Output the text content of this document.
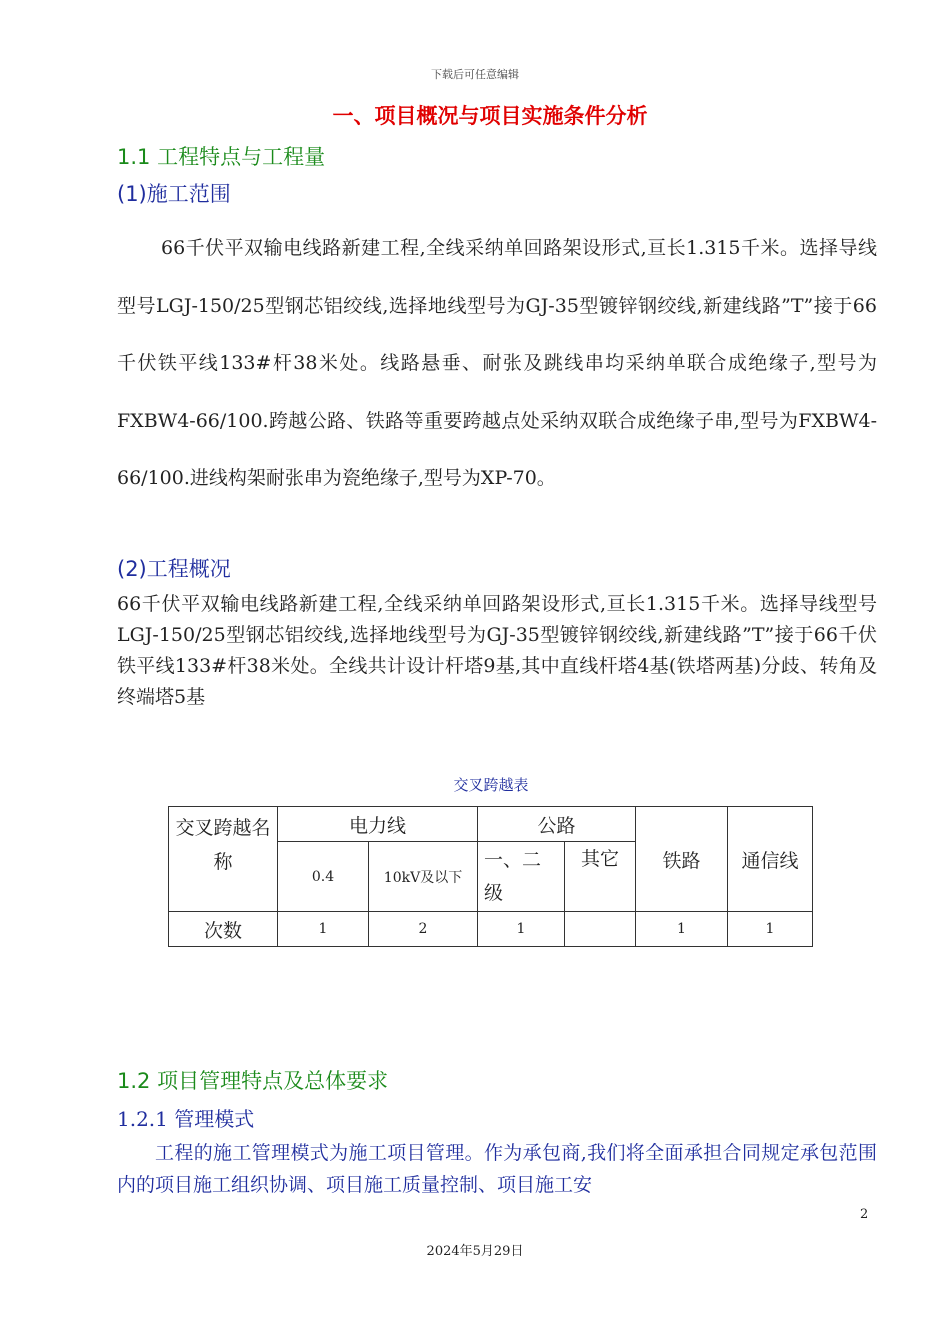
下载后可任意编辑
一、项目概况与项目实施条件分析
1.1 工程特点与工程量
(1)施工范围
66千伏平双输电线路新建工程,全线采纳单回路架设形式,亘长1.315千米。选择导线型号LGJ-150/25型钢芯铝绞线,选择地线型号为GJ-35型镀锌钢绞线,新建线路”T”接于66千伏铁平线133#杆38米处。线路悬垂、耐张及跳线串均采纳单联合成绝缘子,型号为FXBW4-66/100.跨越公路、铁路等重要跨越点处采纳双联合成绝缘子串,型号为FXBW4-66/100.进线构架耐张串为瓷绝缘子,型号为XP-70。
(2)工程概况
66千伏平双输电线路新建工程,全线采纳单回路架设形式,亘长1.315千米。选择导线型号LGJ-150/25型钢芯铝绞线,选择地线型号为GJ-35型镀锌钢绞线,新建线路”T”接于66千伏铁平线133#杆38米处。全线共计设计杆塔9基,其中直线杆塔4基(铁塔两基)分歧、转角及终端塔5基
交叉跨越表
交叉跨越名称	电力线		公路		铁路	通信线
	0.4	10kV及以下	一、二级	其它		
次数	1	2	1		1	1
1.2 项目管理特点及总体要求
1.2.1 管理模式
工程的施工管理模式为施工项目管理。作为承包商,我们将全面承担合同规定承包范围内的项目施工组织协调、项目施工质量控制、项目施工安
2
2024年5月29日
